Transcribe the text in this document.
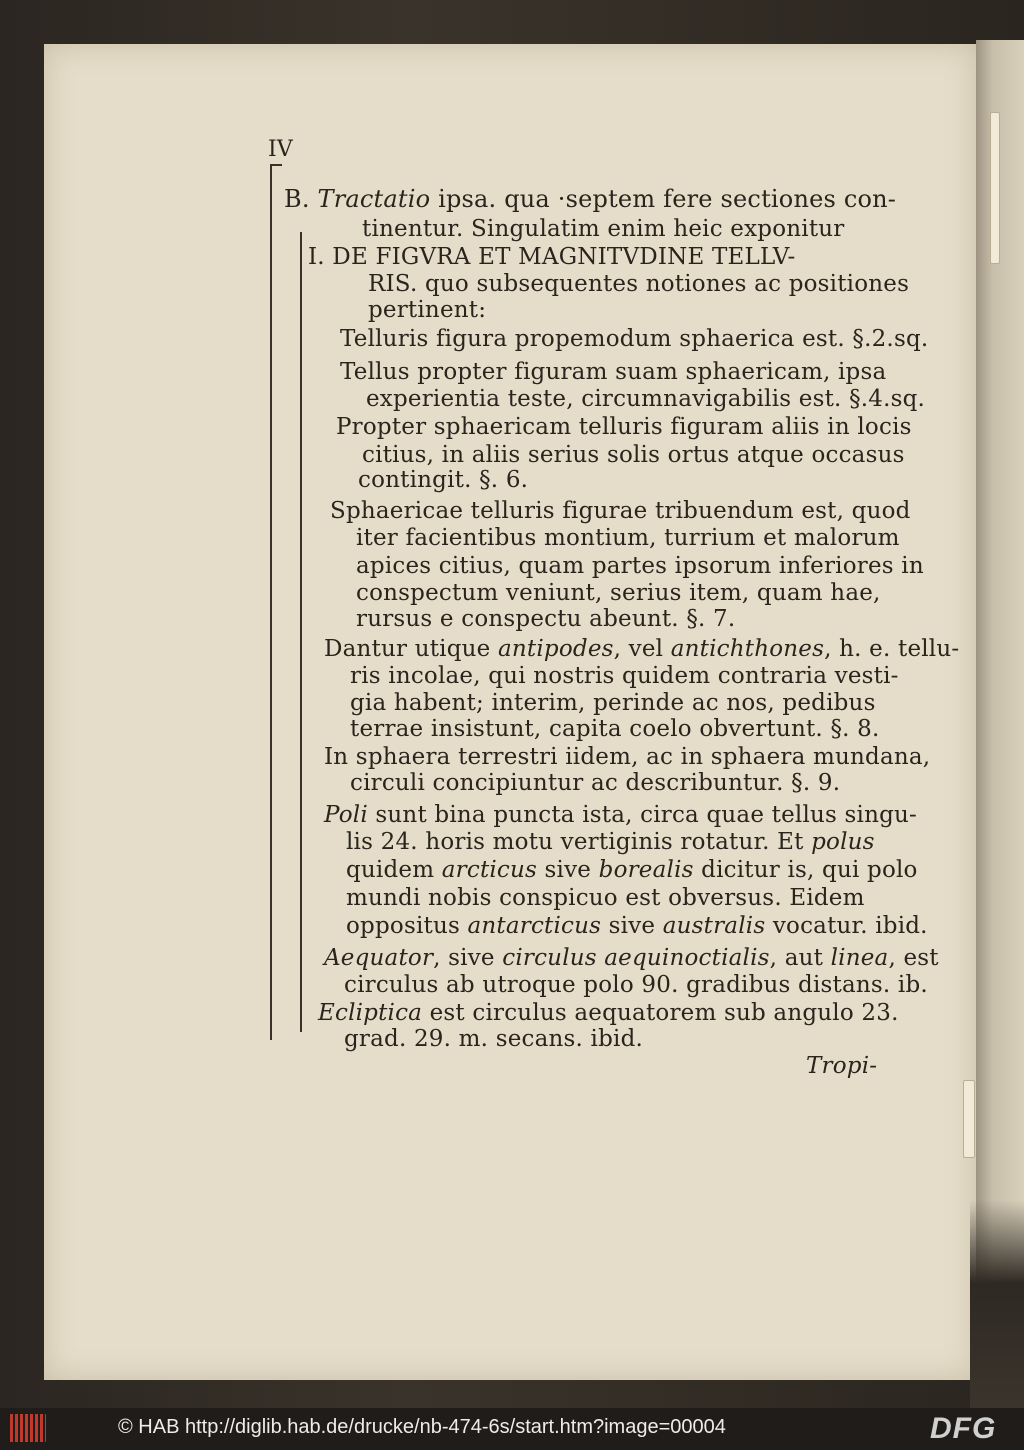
IV
B. Tractatio ipsa. qua ·septem fere sectiones con-
tinentur. Singulatim enim heic exponitur
I. DE FIGVRA ET MAGNITVDINE TELLV-
RIS. quo subsequentes notiones ac positiones
pertinent:
Telluris figura propemodum sphaerica est. §.2.sq.
Tellus propter figuram suam sphaericam, ipsa
experientia teste, circumnavigabilis est. §.4.sq.
Propter sphaericam telluris figuram aliis in locis
citius, in aliis serius solis ortus atque occasus
contingit. §. 6.
Sphaericae telluris figurae tribuendum est, quod
iter facientibus montium, turrium et malorum
apices citius, quam partes ipsorum inferiores in
conspectum veniunt, serius item, quam hae,
rursus e conspectu abeunt. §. 7.
Dantur utique antipodes, vel antichthones, h. e. tellu-
ris incolae, qui nostris quidem contraria vesti-
gia habent; interim, perinde ac nos, pedibus
terrae insistunt, capita coelo obvertunt. §. 8.
In sphaera terrestri iidem, ac in sphaera mundana,
circuli concipiuntur ac describuntur. §. 9.
Poli sunt bina puncta ista, circa quae tellus singu-
lis 24. horis motu vertiginis rotatur. Et polus
quidem arcticus sive borealis dicitur is, qui polo
mundi nobis conspicuo est obversus. Eidem
oppositus antarcticus sive australis vocatur. ibid.
Aequator, sive circulus aequinoctialis, aut linea, est
circulus ab utroque polo 90. gradibus distans. ib.
Ecliptica est circulus aequatorem sub angulo 23.
grad. 29. m. secans. ibid.
Tropi-
© HAB http://diglib.hab.de/drucke/nb-474-6s/start.htm?image=00004	DFG
